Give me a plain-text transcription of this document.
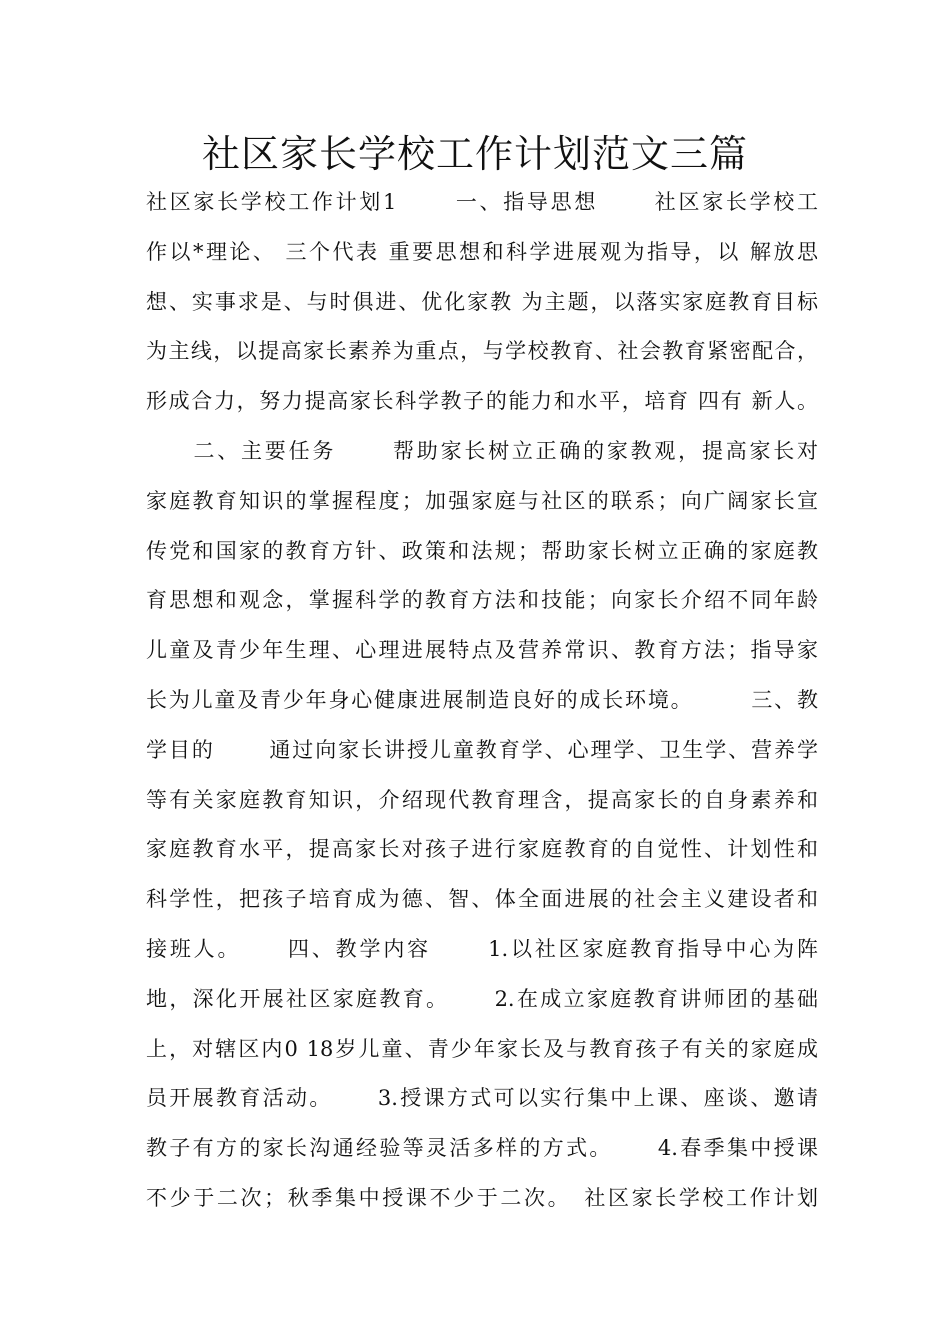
社区家长学校工作计划范文三篇
社区家长学校工作计划1　　 一、指导思想　　 社区家长学校工
作以*理论、 三个代表 重要思想和科学进展观为指导，以 解放思
想、实事求是、与时俱进、优化家教 为主题，以落实家庭教育目标
为主线，以提高家长素养为重点，与学校教育、社会教育紧密配合，
形成合力，努力提高家长科学教子的能力和水平，培育 四有 新人。
　　二、主要任务　　 帮助家长树立正确的家教观，提高家长对
家庭教育知识的掌握程度；加强家庭与社区的联系；向广阔家长宣
传党和国家的教育方针、政策和法规；帮助家长树立正确的家庭教
育思想和观念，掌握科学的教育方法和技能；向家长介绍不同年龄
儿童及青少年生理、心理进展特点及营养常识、教育方法；指导家
长为儿童及青少年身心健康进展制造良好的成长环境。　　　三、教
学目的　　 通过向家长讲授儿童教育学、心理学、卫生学、营养学
等有关家庭教育知识，介绍现代教育理含，提高家长的自身素养和
家庭教育水平，提高家长对孩子进行家庭教育的自觉性、计划性和
科学性，把孩子培育成为德、智、体全面进展的社会主义建设者和
接班人。　　 四、教学内容　　 1.以社区家庭教育指导中心为阵
地，深化开展社区家庭教育。　　 2.在成立家庭教育讲师团的基础
上，对辖区内0 18岁儿童、青少年家长及与教育孩子有关的家庭成
员开展教育活动。　　 3.授课方式可以实行集中上课、座谈、邀请
教子有方的家长沟通经验等灵活多样的方式。　　 4.春季集中授课
不少于二次；秋季集中授课不少于二次。　社区家长学校工作计划
